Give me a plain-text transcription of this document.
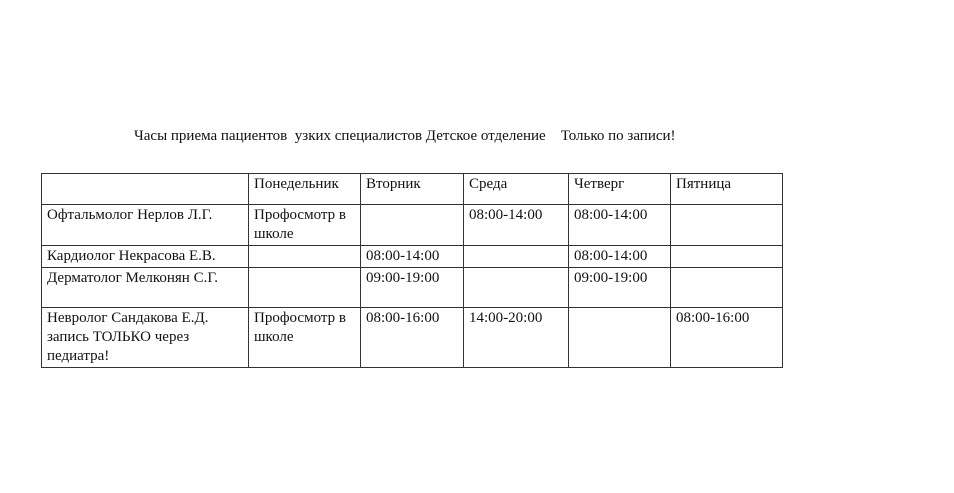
Часы приема пациентов  узких специалистов Детское отделение    Только по записи!
	Понедельник	Вторник	Среда	Четверг	Пятница
Офтальмолог Нерлов Л.Г.	Профосмотр в школе		08:00-14:00	08:00-14:00	
Кардиолог Некрасова Е.В.		08:00-14:00		08:00-14:00	
Дерматолог Мелконян С.Г.		09:00-19:00		09:00-19:00	
Невролог Сандакова Е.Д. запись ТОЛЬКО через педиатра!	Профосмотр в школе	08:00-16:00	14:00-20:00		08:00-16:00
